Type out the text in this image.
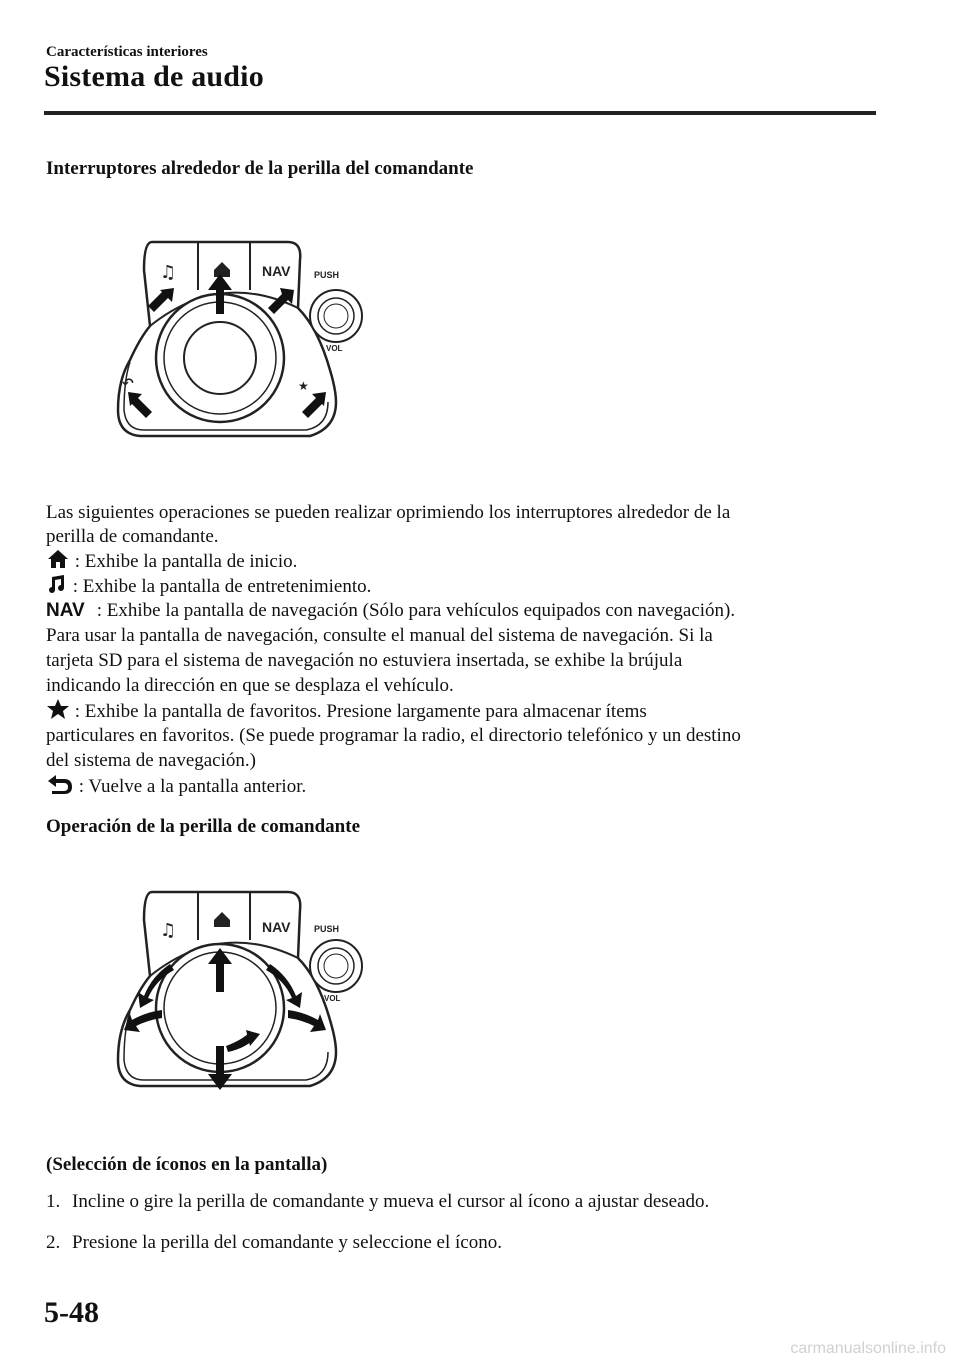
Características interiores
Sistema de audio
Interruptores alrededor de la perilla del comandante
♫	NAV
↶	★
PUSH
VOL
Las siguientes operaciones se pueden realizar oprimiendo los interruptores alrededor de la
perilla de comandante.
: Exhibe la pantalla de inicio.
: Exhibe la pantalla de entretenimiento.
NAV : Exhibe la pantalla de navegación (Sólo para vehículos equipados con navegación).
Para usar la pantalla de navegación, consulte el manual del sistema de navegación. Si la
tarjeta SD para el sistema de navegación no estuviera insertada, se exhibe la brújula
indicando la dirección en que se desplaza el vehículo.
: Exhibe la pantalla de favoritos. Presione largamente para almacenar ítems
particulares en favoritos. (Se puede programar la radio, el directorio telefónico y un destino
del sistema de navegación.)
: Vuelve a la pantalla anterior.
Operación de la perilla de comandante
♫	NAV	PUSH
VOL
(Selección de íconos en la pantalla)
1. Incline o gire la perilla de comandante y mueva el cursor al ícono a ajustar deseado.
2. Presione la perilla del comandante y seleccione el ícono.
5-48
carmanualsonline.info
